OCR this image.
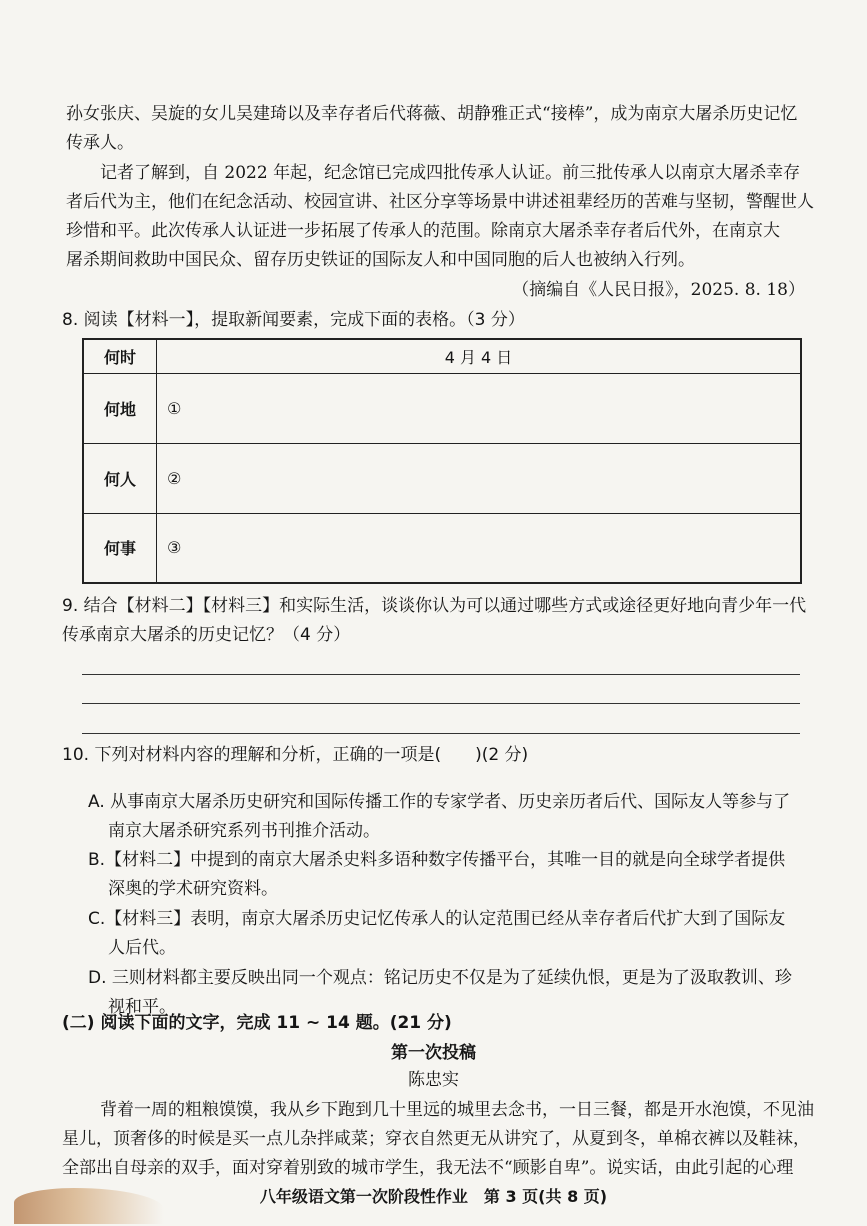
孙女张庆、吴旋的女儿吴建琦以及幸存者后代蒋薇、胡静雅正式“接棒”，成为南京大屠杀历史记忆

传承人。

记者了解到，自 2022 年起，纪念馆已完成四批传承人认证。前三批传承人以南京大屠杀幸存

者后代为主，他们在纪念活动、校园宣讲、社区分享等场景中讲述祖辈经历的苦难与坚韧，警醒世人

珍惜和平。此次传承人认证进一步拓展了传承人的范围。除南京大屠杀幸存者后代外，在南京大

屠杀期间救助中国民众、留存历史铁证的国际友人和中国同胞的后人也被纳入行列。

（摘编自《人民日报》，2025. 8. 18）

8. 阅读【材料一】，提取新闻要素，完成下面的表格。（3 分）

何时	4 月 4 日
何地	①
何人	②
何事	③

9. 结合【材料二】【材料三】和实际生活，谈谈你认为可以通过哪些方式或途径更好地向青少年一代

传承南京大屠杀的历史记忆？（4 分）

10. 下列对材料内容的理解和分析，正确的一项是(　　)(2 分)

A. 从事南京大屠杀历史研究和国际传播工作的专家学者、历史亲历者后代、国际友人等参与了

南京大屠杀研究系列书刊推介活动。

B.【材料二】中提到的南京大屠杀史料多语种数字传播平台，其唯一目的就是向全球学者提供

深奥的学术研究资料。

C.【材料三】表明，南京大屠杀历史记忆传承人的认定范围已经从幸存者后代扩大到了国际友

人后代。

D. 三则材料都主要反映出同一个观点：铭记历史不仅是为了延续仇恨，更是为了汲取教训、珍

视和平。

(二) 阅读下面的文字，完成 11 ~ 14 题。(21 分)

第一次投稿

陈忠实

背着一周的粗粮馍馍，我从乡下跑到几十里远的城里去念书，一日三餐，都是开水泡馍，不见油

星儿，顶奢侈的时候是买一点儿杂拌咸菜；穿衣自然更无从讲究了，从夏到冬，单棉衣裤以及鞋袜，

全部出自母亲的双手，面对穿着别致的城市学生，我无法不“顾影自卑”。说实话，由此引起的心理

八年级语文第一次阶段性作业　第 3 页(共 8 页)
